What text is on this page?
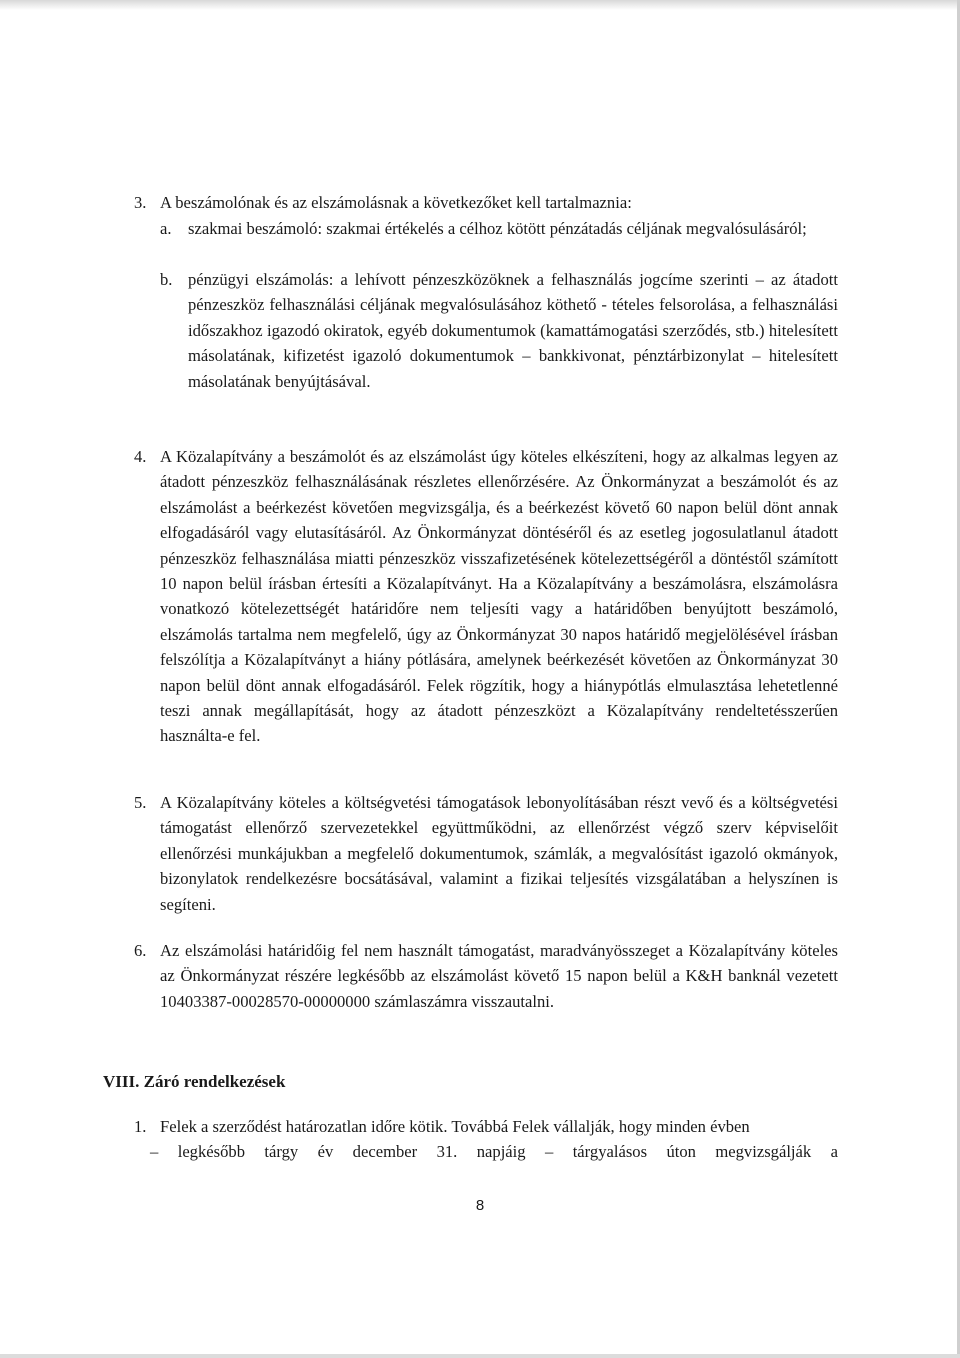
3. A beszámolónak és az elszámolásnak a következőket kell tartalmaznia:
a. szakmai beszámoló: szakmai értékelés a célhoz kötött pénzátadás céljának megvalósulásáról;
b. pénzügyi elszámolás: a lehívott pénzeszközöknek a felhasználás jogcíme szerinti – az átadott pénzeszköz felhasználási céljának megvalósulásához köthető - tételes felsorolása, a felhasználási időszakhoz igazodó okiratok, egyéb dokumentumok (kamattámogatási szerződés, stb.) hitelesített másolatának, kifizetést igazoló dokumentumok – bankkivonat, pénztárbizonylat – hitelesített másolatának benyújtásával.
4. A Közalapítvány a beszámolót és az elszámolást úgy köteles elkészíteni, hogy az alkalmas legyen az átadott pénzeszköz felhasználásának részletes ellenőrzésére. Az Önkormányzat a beszámolót és az elszámolást a beérkezést követően megvizsgálja, és a beérkezést követő 60 napon belül dönt annak elfogadásáról vagy elutasításáról. Az Önkormányzat döntéséről és az esetleg jogosulatlanul átadott pénzeszköz felhasználása miatti pénzeszköz visszafizetésének kötelezettségéről a döntéstől számított 10 napon belül írásban értesíti a Közalapítványt. Ha a Közalapítvány a beszámolásra, elszámolásra vonatkozó kötelezettségét határidőre nem teljesíti vagy a határidőben benyújtott beszámoló, elszámolás tartalma nem megfelelő, úgy az Önkormányzat 30 napos határidő megjelölésével írásban felszólítja a Közalapítványt a hiány pótlására, amelynek beérkezését követően az Önkormányzat 30 napon belül dönt annak elfogadásáról. Felek rögzítik, hogy a hiánypótlás elmulasztása lehetetlenné teszi annak megállapítását, hogy az átadott pénzeszközt a Közalapítvány rendeltetésszerűen használta-e fel.
5. A Közalapítvány köteles a költségvetési támogatások lebonyolításában részt vevő és a költségvetési támogatást ellenőrző szervezetekkel együttműködni, az ellenőrzést végző szerv képviselőit ellenőrzési munkájukban a megfelelő dokumentumok, számlák, a megvalósítást igazoló okmányok, bizonylatok rendelkezésre bocsátásával, valamint a fizikai teljesítés vizsgálatában a helyszínen is segíteni.
6. Az elszámolási határidőig fel nem használt támogatást, maradványösszeget a Közalapítvány köteles az Önkormányzat részére legkésőbb az elszámolást követő 15 napon belül a K&H banknál vezetett 10403387-00028570-00000000 számlaszámra visszautalni.
VIII. Záró rendelkezések
1. Felek a szerződést határozatlan időre kötik. Továbbá Felek vállalják, hogy minden évben
– legkésőbb tárgy év december 31. napjáig – tárgyalásos úton megvizsgálják a
8
